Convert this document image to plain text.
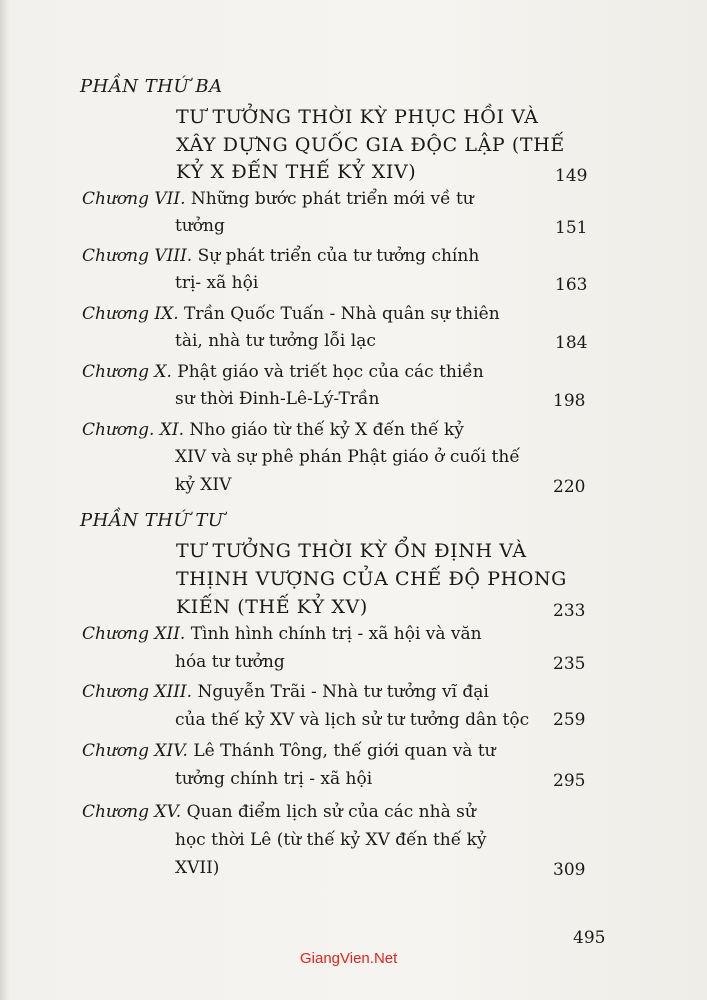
PHẦN THỨ BA
TƯ TƯỞNG THỜI KỲ PHỤC HỒI VÀ
XÂY DỰNG QUỐC GIA ĐỘC LẬP (THẾ
KỶ X ĐẾN THẾ KỶ XIV)	149
Chương VII. Những bước phát triển mới về tư
tưởng	151
Chương VIII. Sự phát triển của tư tưởng chính
trị- xã hội	163
Chương IX. Trần Quốc Tuấn - Nhà quân sự thiên
tài, nhà tư tưởng lỗi lạc	184
Chương X. Phật giáo và triết học của các thiền
sư thời Đinh-Lê-Lý-Trần	198
Chương. XI. Nho giáo từ thế kỷ X đến thế kỷ
XIV và sự phê phán Phật giáo ở cuối thế
kỷ XIV	220
PHẦN THỨ TƯ
TƯ TƯỞNG THỜI KỲ ỔN ĐỊNH VÀ
THỊNH VƯỢNG CỦA CHẾ ĐỘ PHONG
KIẾN (THẾ KỶ XV)	233
Chương XII. Tình hình chính trị - xã hội và văn
hóa tư tưởng	235
Chương XIII. Nguyễn Trãi - Nhà tư tưởng vĩ đại
của thế kỷ XV và lịch sử tư tưởng dân tộc 259
Chương XIV. Lê Thánh Tông, thế giới quan và tư
tưởng chính trị - xã hội	295
Chương XV. Quan điểm lịch sử của các nhà sử
học thời Lê (từ thế kỷ XV đến thế kỷ
XVII)	309
495
GiangVien.Net
